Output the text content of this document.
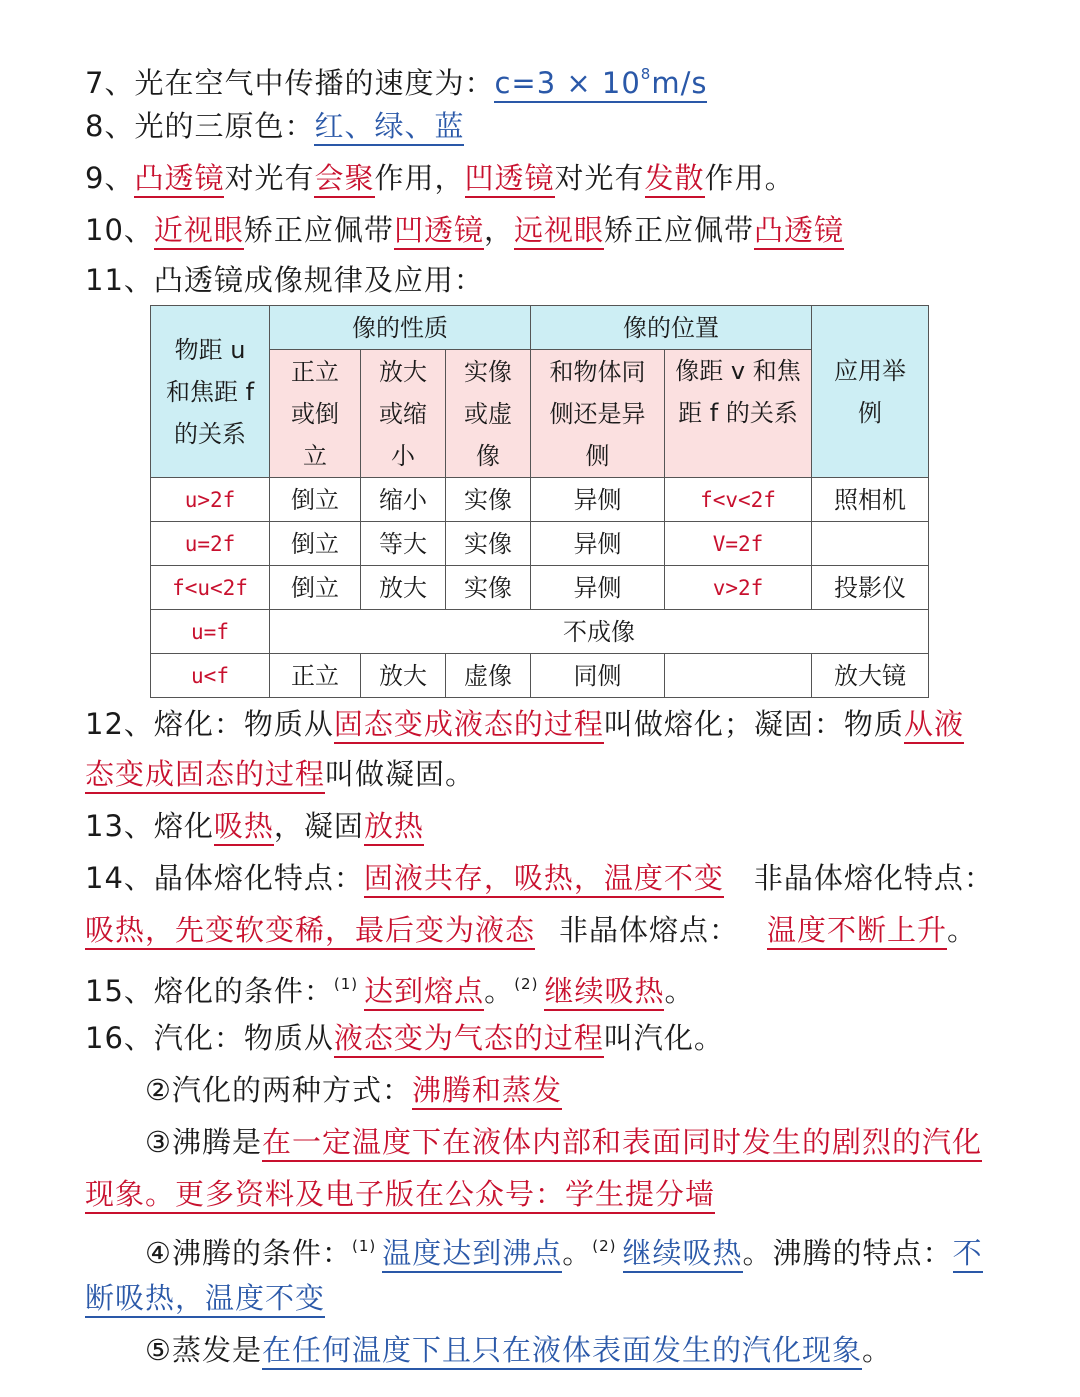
7、光在空气中传播的速度为：$c=3 \times 10^8m/s$
8、光的三原色：红、绿、蓝
9、凸透镜对光有会聚作用，凹透镜对光有发散作用。
10、近视眼矫正应佩带凹透镜，远视眼矫正应佩带凸透镜
11、凸透镜成像规律及应用：
物距 u
和焦距 f
的关系	像的性质			像的位置		应用举
例
	正立
或倒
立	放大
或缩
小	实像
或虚
像	和物体同
侧还是异
侧	像距 v 和焦
距 f 的关系	
u>2f	倒立	缩小	实像	异侧	f<v<2f	照相机
u=2f	倒立	等大	实像	异侧	V=2f	
f<u<2f	倒立	放大	实像	异侧	v>2f	投影仪
u=f	不成像					
u<f	正立	放大	虚像	同侧		放大镜
12、熔化：物质从固态变成液态的过程叫做熔化；凝固：物质从液
态变成固态的过程叫做凝固。
13、熔化吸热，凝固放热
14、晶体熔化特点：固液共存，吸热，温度不变 非晶体熔化特点：
吸热，先变软变稀，最后变为液态 非晶体熔点： 温度不断上升。
15、熔化的条件：$^{(1)}$ 达到熔点。$^{(2)}$ 继续吸热。
16、汽化：物质从液态变为气态的过程叫汽化。
②汽化的两种方式：沸腾和蒸发
③沸腾是在一定温度下在液体内部和表面同时发生的剧烈的汽化
现象。更多资料及电子版在公众号：学生提分墙
④沸腾的条件：$^{(1)}$ 温度达到沸点。$^{(2)}$ 继续吸热。沸腾的特点：不
断吸热，温度不变
⑤蒸发是在任何温度下且只在液体表面发生的汽化现象。
